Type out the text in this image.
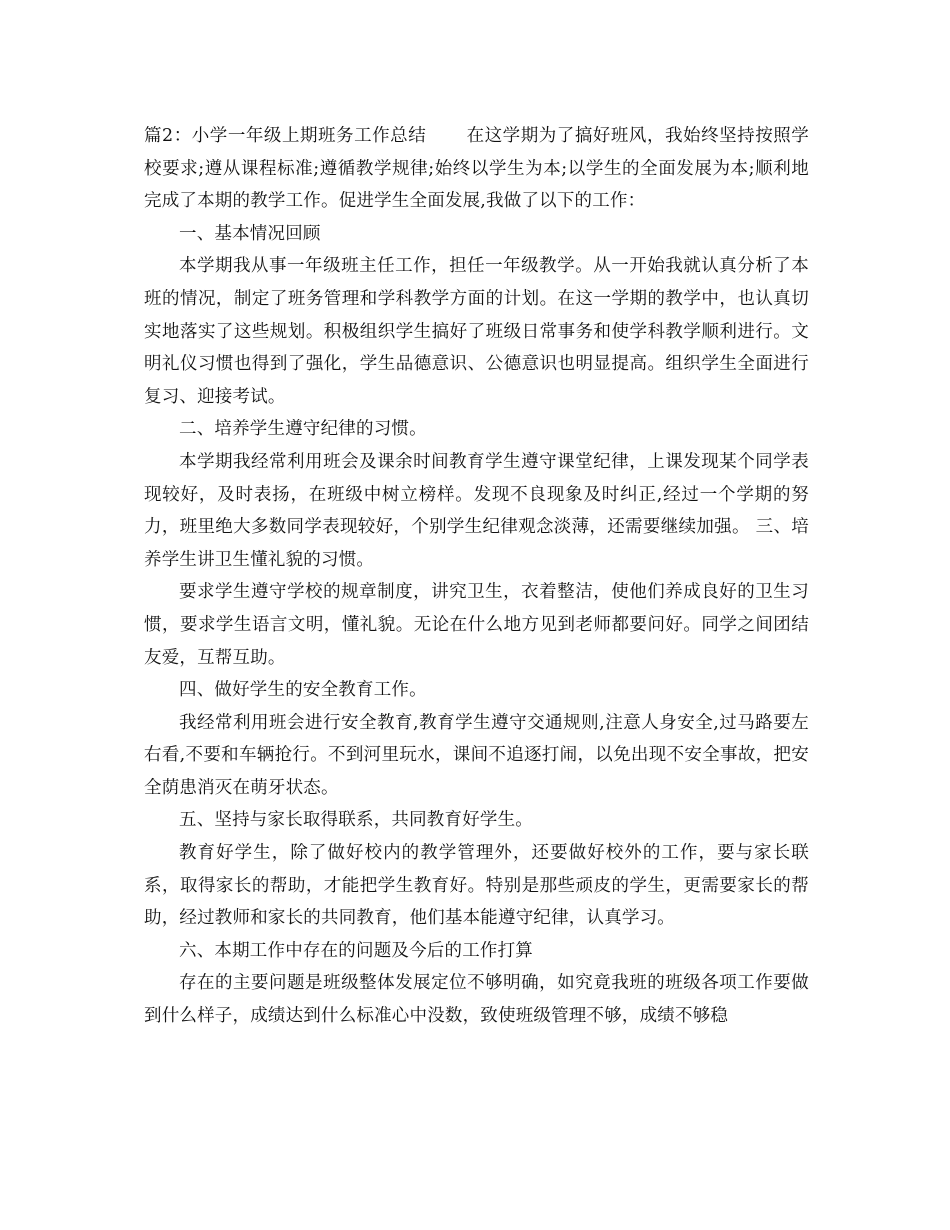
篇2：小学一年级上期班务工作总结 在这学期为了搞好班风，我始终坚持按照学校要求;遵从课程标准;遵循教学规律;始终以学生为本;以学生的全面发展为本;顺利地完成了本期的教学工作。促进学生全面发展,我做了以下的工作：

一、基本情况回顾

本学期我从事一年级班主任工作，担任一年级教学。从一开始我就认真分析了本班的情况，制定了班务管理和学科教学方面的计划。在这一学期的教学中，也认真切实地落实了这些规划。积极组织学生搞好了班级日常事务和使学科教学顺利进行。文明礼仪习惯也得到了强化，学生品德意识、公德意识也明显提高。组织学生全面进行复习、迎接考试。

二、培养学生遵守纪律的习惯。

本学期我经常利用班会及课余时间教育学生遵守课堂纪律，上课发现某个同学表现较好，及时表扬，在班级中树立榜样。发现不良现象及时纠正,经过一个学期的努力，班里绝大多数同学表现较好，个别学生纪律观念淡薄，还需要继续加强。 三、培养学生讲卫生懂礼貌的习惯。

要求学生遵守学校的规章制度，讲究卫生，衣着整洁，使他们养成良好的卫生习惯，要求学生语言文明，懂礼貌。无论在什么地方见到老师都要问好。同学之间团结友爱，互帮互助。

四、做好学生的安全教育工作。

我经常利用班会进行安全教育,教育学生遵守交通规则,注意人身安全,过马路要左右看,不要和车辆抢行。不到河里玩水，课间不追逐打闹，以免出现不安全事故，把安全荫患消灭在萌牙状态。

五、坚持与家长取得联系，共同教育好学生。

教育好学生，除了做好校内的教学管理外，还要做好校外的工作，要与家长联系，取得家长的帮助，才能把学生教育好。特别是那些顽皮的学生，更需要家长的帮助，经过教师和家长的共同教育，他们基本能遵守纪律，认真学习。

六、本期工作中存在的问题及今后的工作打算

存在的主要问题是班级整体发展定位不够明确，如究竟我班的班级各项工作要做到什么样子，成绩达到什么标准心中没数，致使班级管理不够，成绩不够稳
